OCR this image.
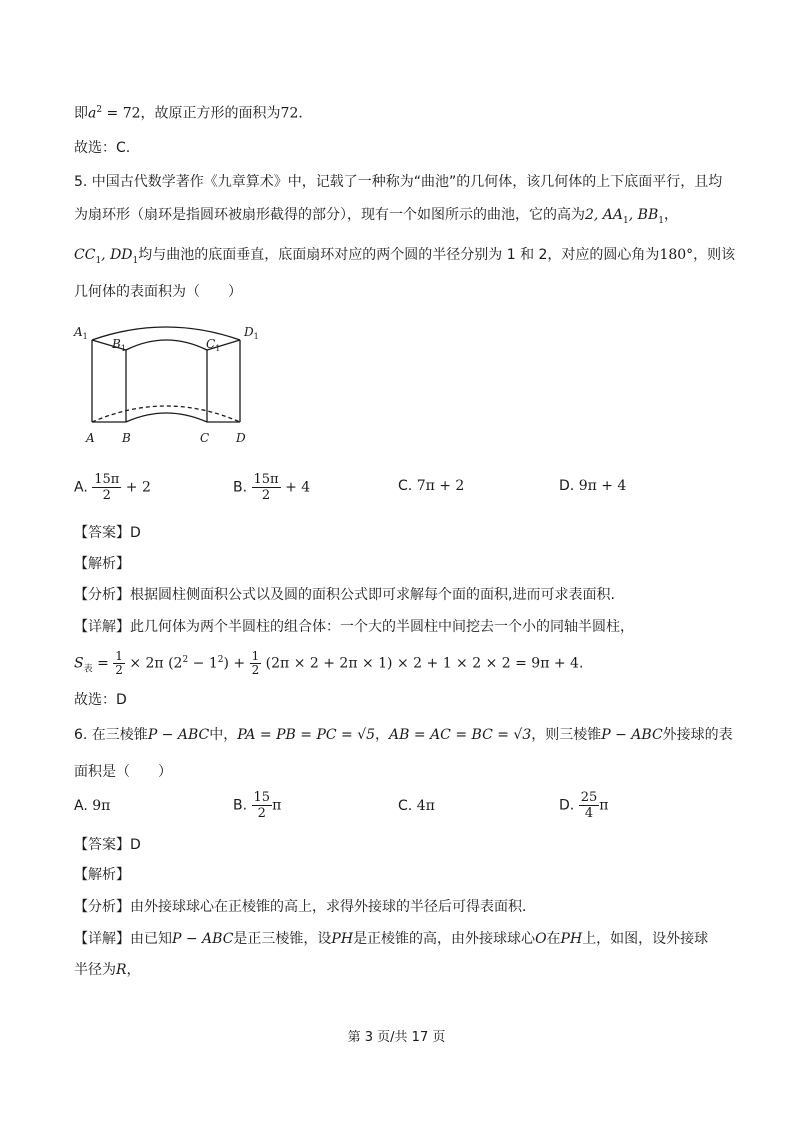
即$a^2 = 72$，故原正方形的面积为72．
故选：C.
5. 中国古代数学著作《九章算术》中，记载了一种称为“曲池”的几何体，该几何体的上下底面平行，且均
为扇环形（扇环是指圆环被扇形截得的部分），现有一个如图所示的曲池，它的高为2, $AA_1$, $BB_1$，
$CC_1$, $DD_1$均与曲池的底面垂直，底面扇环对应的两个圆的半径分别为 1 和 2，对应的圆心角为180°，则该
几何体的表面积为（　　）
$A_1$
$B_1$	$C_1$
$D_1$
A B	C D
A. $\frac{15\pi}{2} + 2$	B. $\frac{15\pi}{2} + 4$	C. 7π + 2	D. 9π + 4
【答案】D
【解析】
【分析】根据圆柱侧面积公式以及圆的面积公式即可求解每个面的面积,进而可求表面积.
【详解】此几何体为两个半圆柱的组合体：一个大的半圆柱中间挖去一个小的同轴半圆柱，
$S_表 = \frac{1}{2} \times 2\pi$ $(2^2 - 1^2) + \frac{1}{2} (2\pi \times 2 + 2\pi \times 1) \times 2 + 1 \times 2 \times 2 = 9\pi + 4$.
故选：D
6. 在三棱锥P − ABC中，PA = PB = PC = √5，AB = AC = BC = √3，则三棱锥P − ABC外接球的表
面积是（　　）
A. 9π	B. $\frac{15}{2}$ π	C. 4π	D. $\frac{25}{4}$ π
【答案】D
【解析】
【分析】由外接球球心在正棱锥的高上，求得外接球的半径后可得表面积．
【详解】由已知P − ABC是正三棱锥，设PH是正棱锥的高，由外接球球心O在PH上，如图，设外接球
半径为R，
第 3 页/共 17 页
